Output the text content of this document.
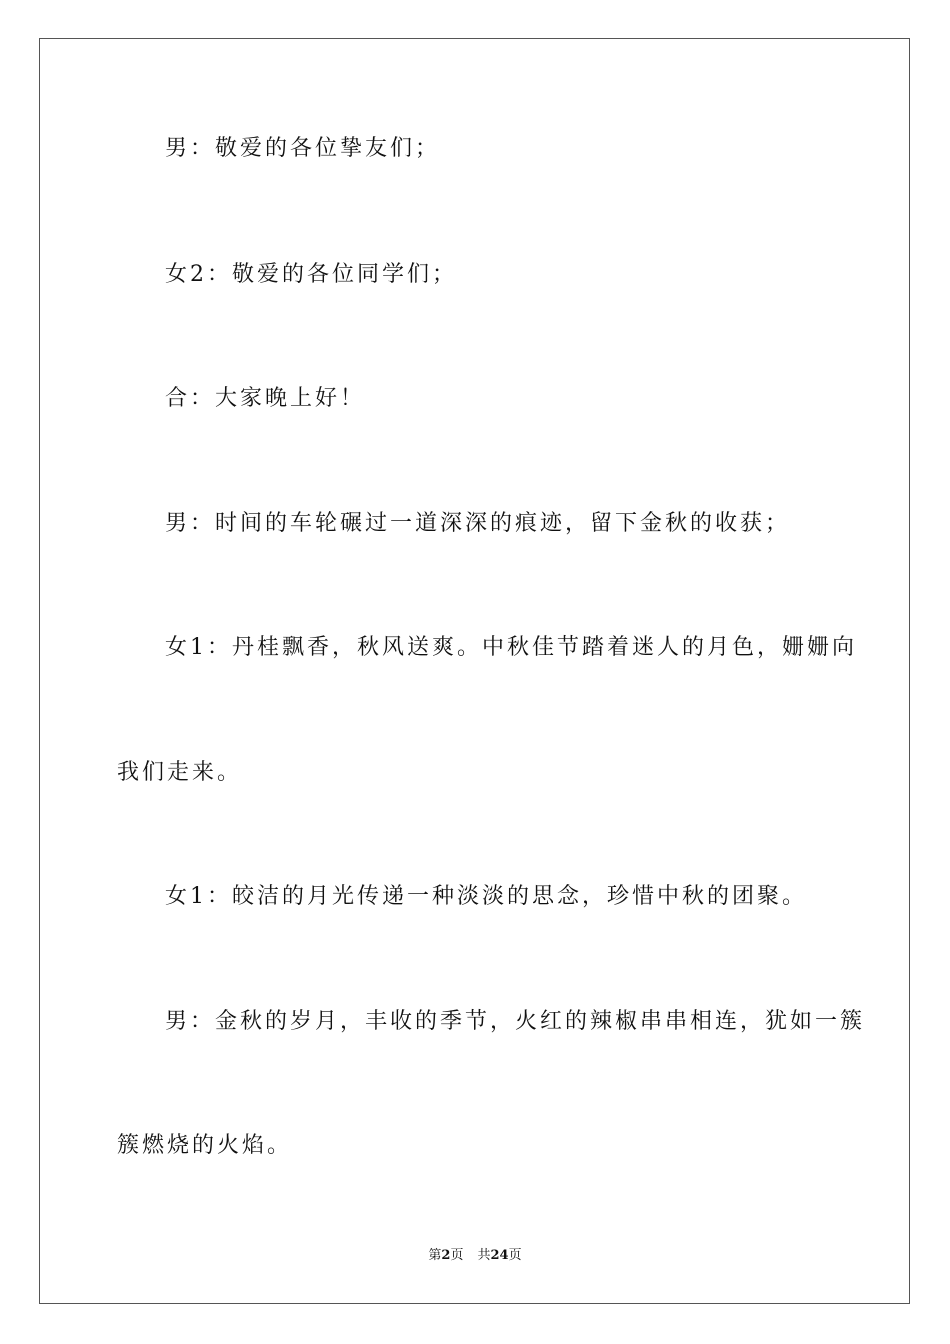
男：敬爱的各位挚友们；

女2：敬爱的各位同学们；

合：大家晚上好！

男：时间的车轮碾过一道深深的痕迹，留下金秋的收获；

女1：丹桂飘香，秋风送爽。中秋佳节踏着迷人的月色，姗姗向

我们走来。

女1：皎洁的月光传递一种淡淡的思念，珍惜中秋的团聚。

男：金秋的岁月，丰收的季节，火红的辣椒串串相连，犹如一簇

簇燃烧的火焰。

第2页 共24页
